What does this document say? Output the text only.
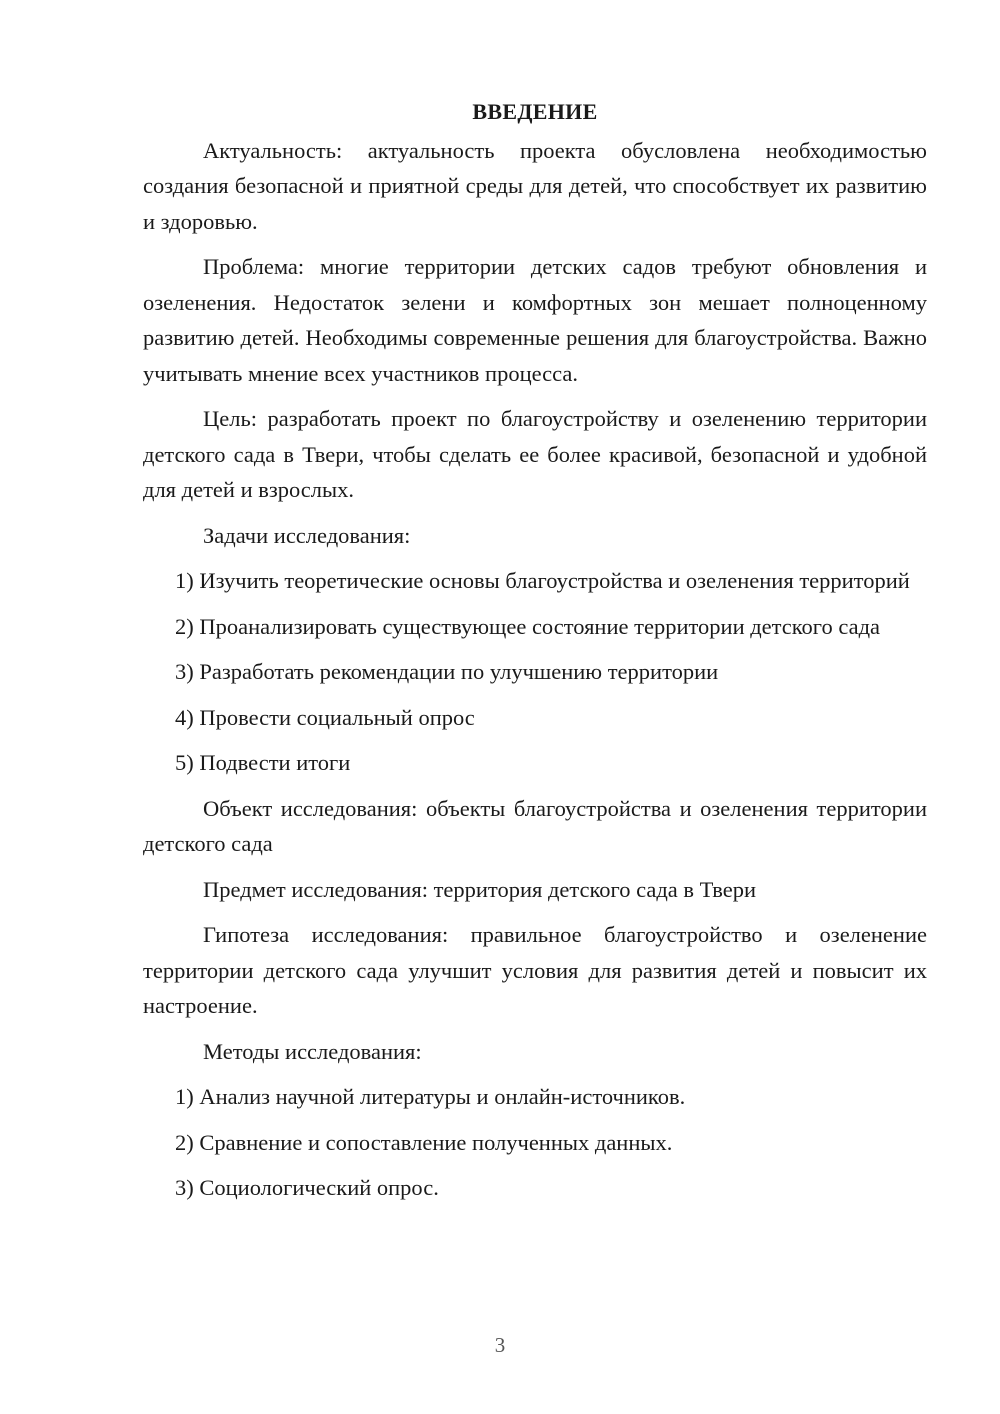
ВВЕДЕНИЕ

Актуальность: актуальность проекта обусловлена необходимостью создания безопасной и приятной среды для детей, что способствует их развитию и здоровью.

Проблема: многие территории детских садов требуют обновления и озеленения. Недостаток зелени и комфортных зон мешает полноценному развитию детей. Необходимы современные решения для благоустройства. Важно учитывать мнение всех участников процесса.

Цель: разработать проект по благоустройству и озеленению территории детского сада в Твери, чтобы сделать ее более красивой, безопасной и удобной для детей и взрослых.

Задачи исследования:

1) Изучить теоретические основы благоустройства и озеленения территорий

2) Проанализировать существующее состояние территории детского сада

3) Разработать рекомендации по улучшению территории

4) Провести социальный опрос

5) Подвести итоги

Объект исследования: объекты благоустройства и озеленения территории детского сада

Предмет исследования: территория детского сада в Твери

Гипотеза исследования: правильное благоустройство и озеленение территории детского сада улучшит условия для развития детей и повысит их настроение.

Методы исследования:

1) Анализ научной литературы и онлайн-источников.

2) Сравнение и сопоставление полученных данных.

3) Социологический опрос.

3
